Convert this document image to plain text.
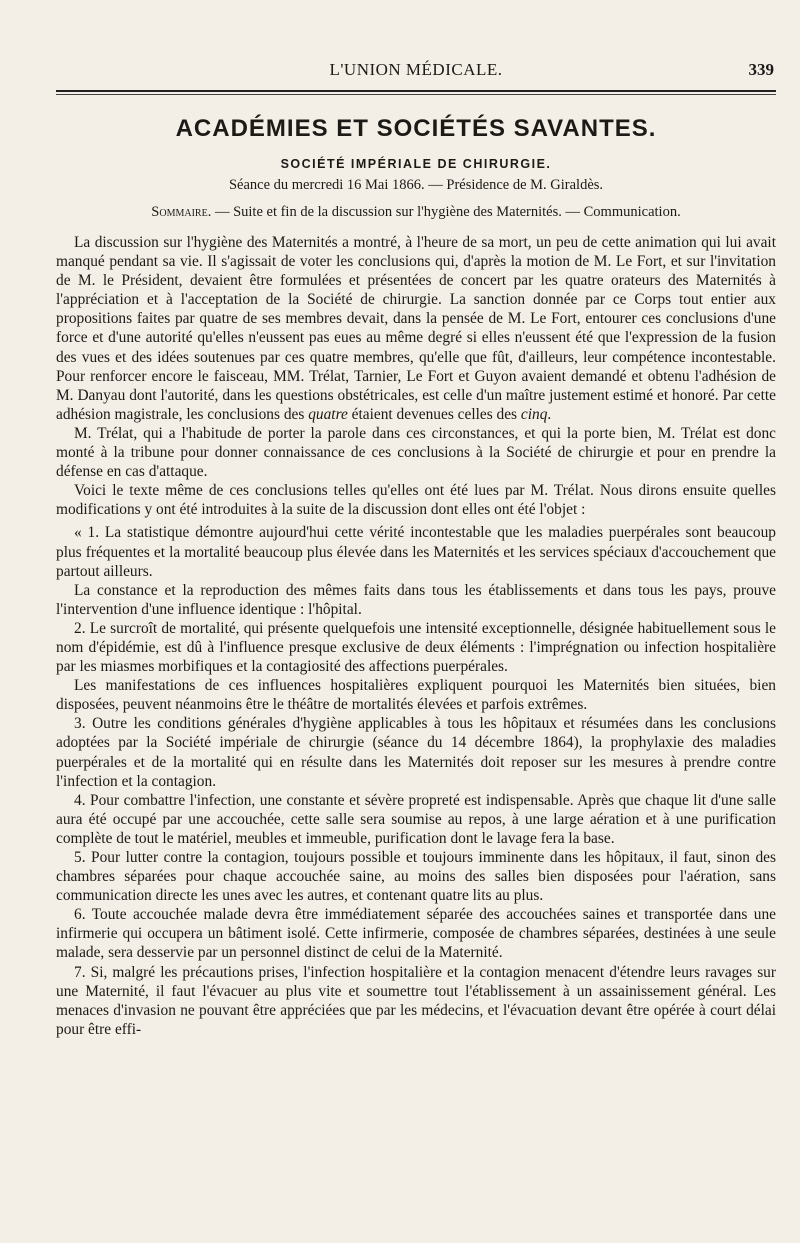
L'UNION MÉDICALE.	339
ACADÉMIES ET SOCIÉTÉS SAVANTES.
SOCIÉTÉ IMPÉRIALE DE CHIRURGIE.
Séance du mercredi 16 Mai 1866. — Présidence de M. Giraldès.
Sommaire. — Suite et fin de la discussion sur l'hygiène des Maternités. — Communication.

La discussion sur l'hygiène des Maternités a montré, à l'heure de sa mort, un peu de cette animation qui lui avait manqué pendant sa vie. Il s'agissait de voter les conclusions qui, d'après la motion de M. Le Fort, et sur l'invitation de M. le Président, devaient être formulées et présentées de concert par les quatre orateurs des Maternités à l'appréciation et à l'acceptation de la Société de chirurgie. La sanction donnée par ce Corps tout entier aux propositions faites par quatre de ses membres devait, dans la pensée de M. Le Fort, entourer ces conclusions d'une force et d'une autorité qu'elles n'eussent pas eues au même degré si elles n'eussent été que l'expression de la fusion des vues et des idées soutenues par ces quatre membres, qu'elle que fût, d'ailleurs, leur compétence incontestable. Pour renforcer encore le faisceau, MM. Trélat, Tarnier, Le Fort et Guyon avaient demandé et obtenu l'adhésion de M. Danyau dont l'autorité, dans les questions obstétricales, est celle d'un maître justement estimé et honoré. Par cette adhésion magistrale, les conclusions des quatre étaient devenues celles des cinq.

M. Trélat, qui a l'habitude de porter la parole dans ces circonstances, et qui la porte bien, M. Trélat est donc monté à la tribune pour donner connaissance de ces conclusions à la Société de chirurgie et pour en prendre la défense en cas d'attaque.

Voici le texte même de ces conclusions telles qu'elles ont été lues par M. Trélat. Nous dirons ensuite quelles modifications y ont été introduites à la suite de la discussion dont elles ont été l'objet :

« 1. La statistique démontre aujourd'hui cette vérité incontestable que les maladies puerpérales sont beaucoup plus fréquentes et la mortalité beaucoup plus élevée dans les Maternités et les services spéciaux d'accouchement que partout ailleurs.

La constance et la reproduction des mêmes faits dans tous les établissements et dans tous les pays, prouve l'intervention d'une influence identique : l'hôpital.

2. Le surcroît de mortalité, qui présente quelquefois une intensité exceptionnelle, désignée habituellement sous le nom d'épidémie, est dû à l'influence presque exclusive de deux éléments : l'imprégnation ou infection hospitalière par les miasmes morbifiques et la contagiosité des affections puerpérales.

Les manifestations de ces influences hospitalières expliquent pourquoi les Maternités bien situées, bien disposées, peuvent néanmoins être le théâtre de mortalités élevées et parfois extrêmes.

3. Outre les conditions générales d'hygiène applicables à tous les hôpitaux et résumées dans les conclusions adoptées par la Société impériale de chirurgie (séance du 14 décembre 1864), la prophylaxie des maladies puerpérales et de la mortalité qui en résulte dans les Maternités doit reposer sur les mesures à prendre contre l'infection et la contagion.

4. Pour combattre l'infection, une constante et sévère propreté est indispensable. Après que chaque lit d'une salle aura été occupé par une accouchée, cette salle sera soumise au repos, à une large aération et à une purification complète de tout le matériel, meubles et immeuble, purification dont le lavage fera la base.

5. Pour lutter contre la contagion, toujours possible et toujours imminente dans les hôpitaux, il faut, sinon des chambres séparées pour chaque accouchée saine, au moins des salles bien disposées pour l'aération, sans communication directe les unes avec les autres, et contenant quatre lits au plus.

6. Toute accouchée malade devra être immédiatement séparée des accouchées saines et transportée dans une infirmerie qui occupera un bâtiment isolé. Cette infirmerie, composée de chambres séparées, destinées à une seule malade, sera desservie par un personnel distinct de celui de la Maternité.

7. Si, malgré les précautions prises, l'infection hospitalière et la contagion menacent d'étendre leurs ravages sur une Maternité, il faut l'évacuer au plus vite et soumettre tout l'établissement à un assainissement général. Les menaces d'invasion ne pouvant être appréciées que par les médecins, et l'évacuation devant être opérée à court délai pour être effi-
